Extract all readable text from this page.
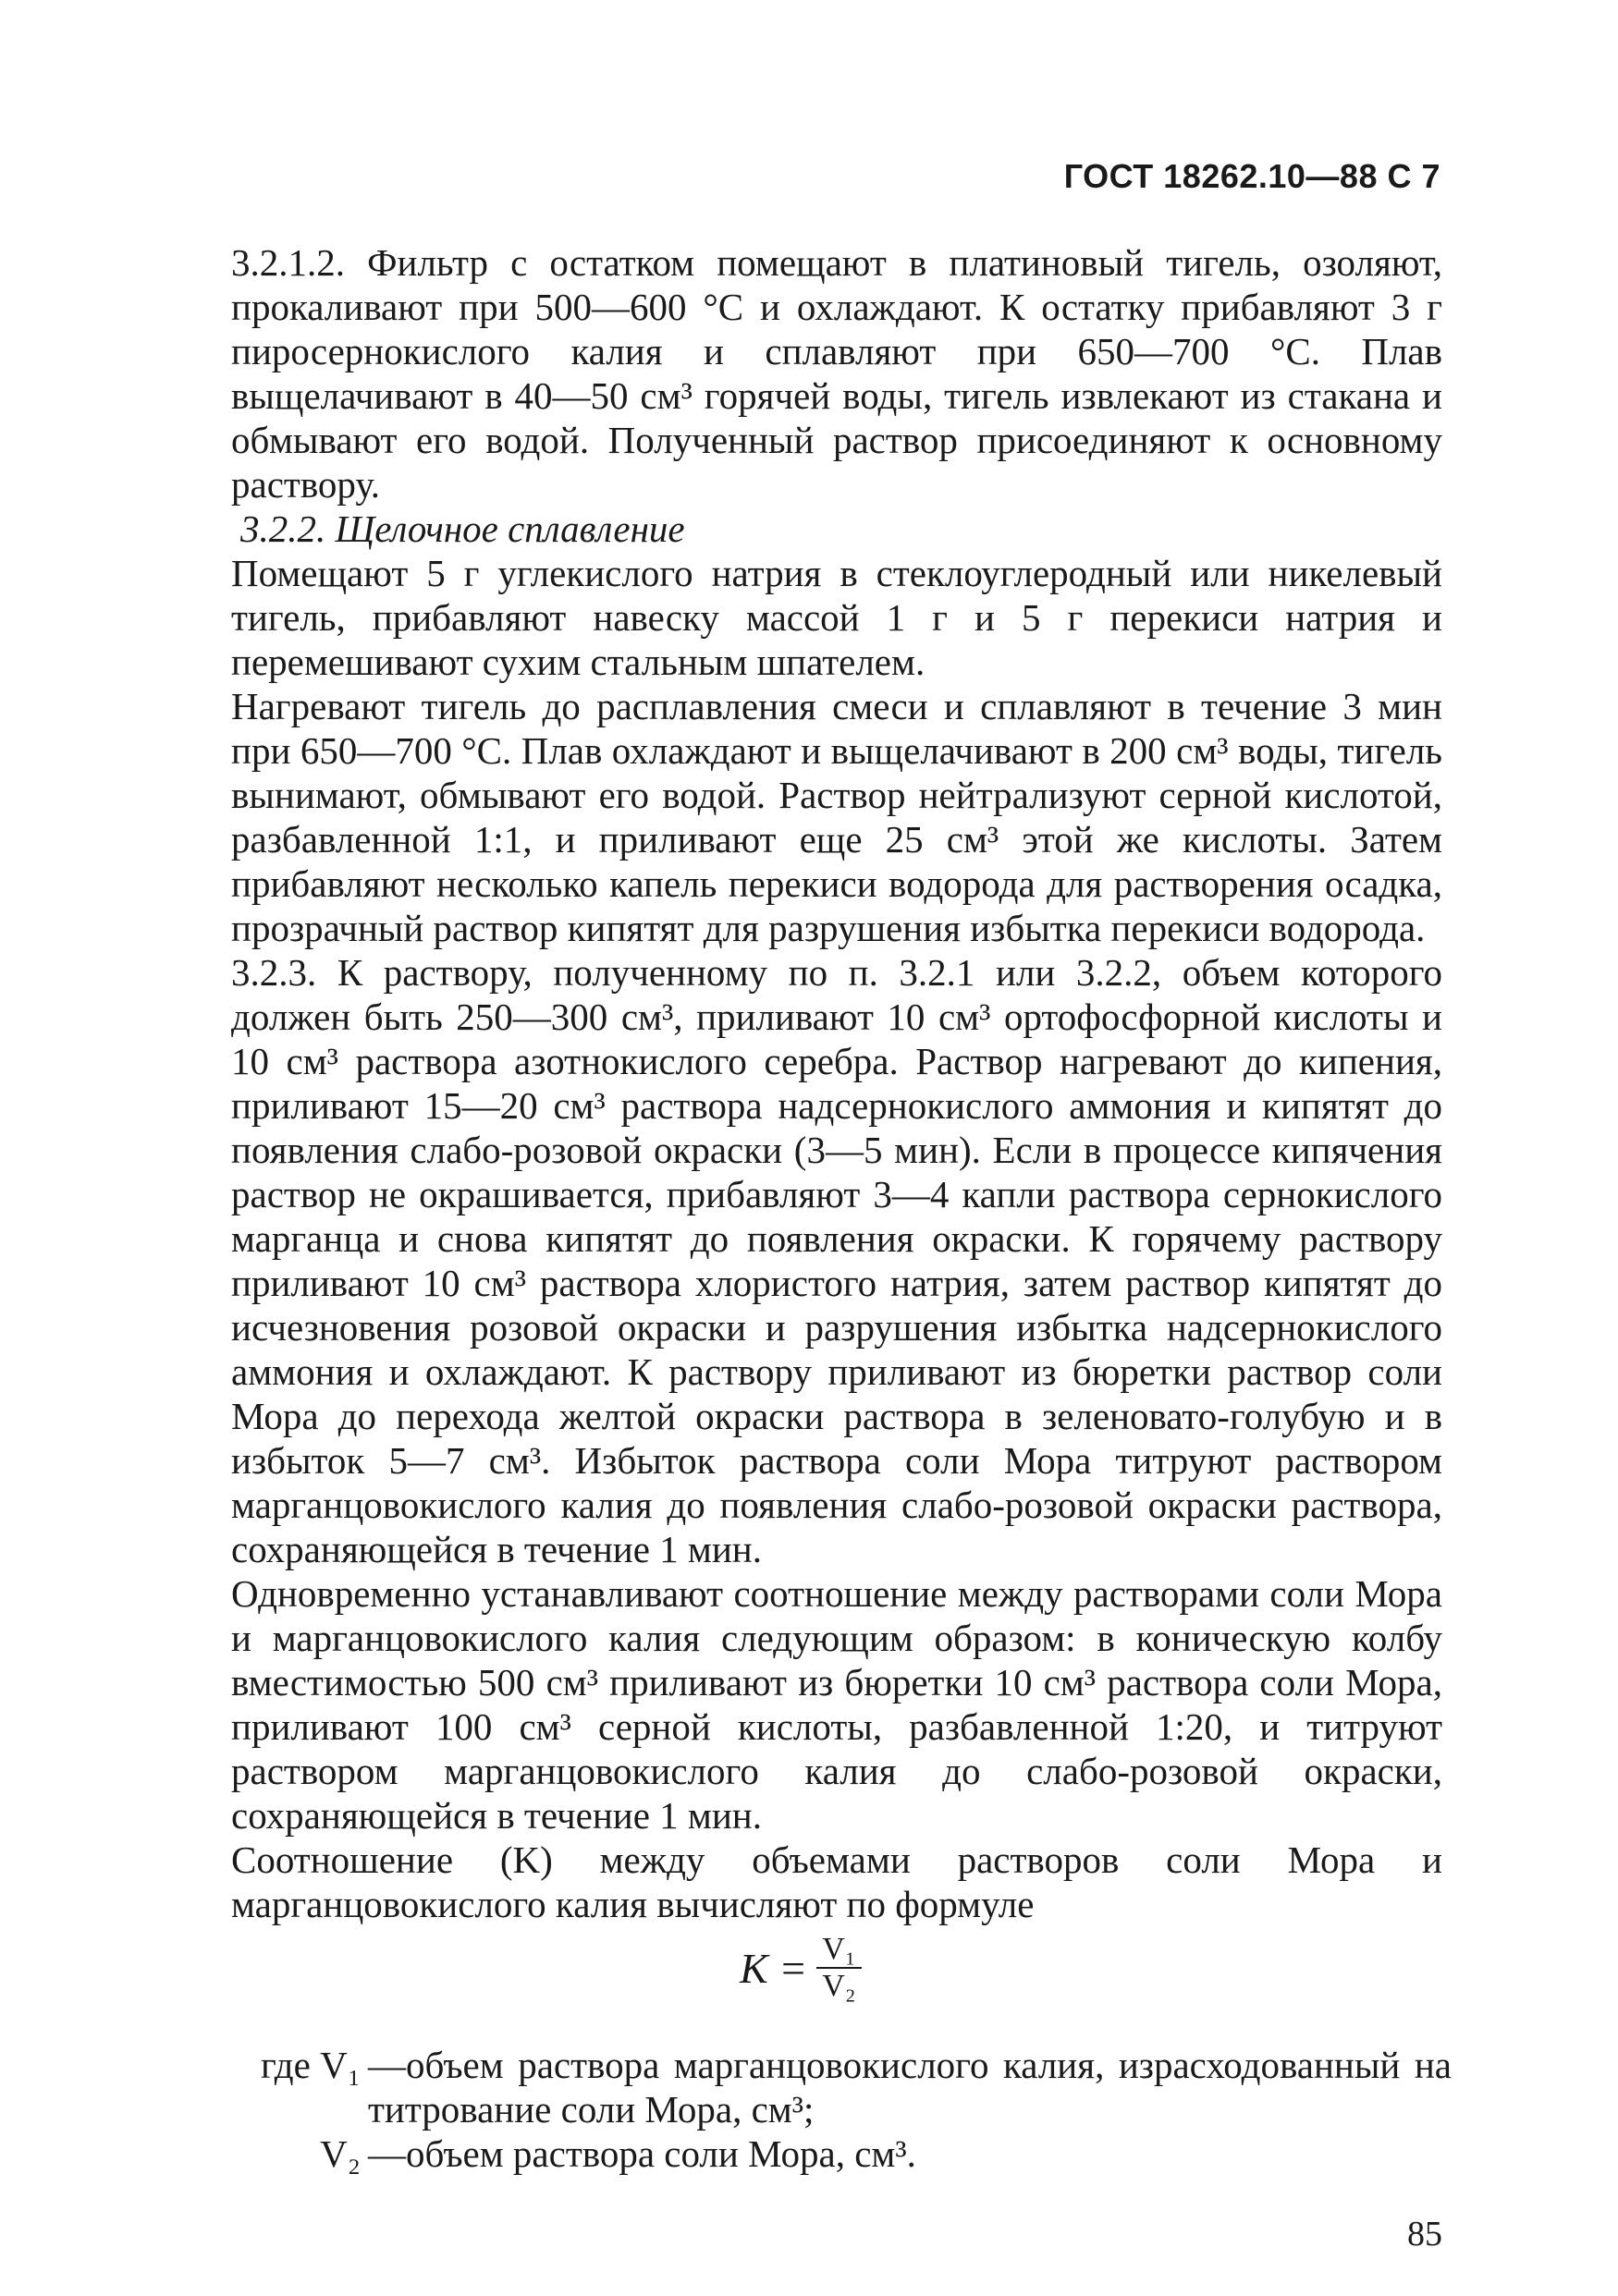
ГОСТ 18262.10—88 С 7

3.2.1.2. Фильтр с остатком помещают в платиновый тигель, озоляют, прокаливают при 500—600 °С и охлаждают. К остатку прибавляют 3 г пиросернокислого калия и сплавляют при 650—700 °С. Плав выщелачивают в 40—50 см³ горячей воды, тигель извлекают из стакана и обмывают его водой. Полученный раствор присоединяют к основному раствору.

3.2.2. Щелочное сплавление

Помещают 5 г углекислого натрия в стеклоуглеродный или никелевый тигель, прибавляют навеску массой 1 г и 5 г перекиси натрия и перемешивают сухим стальным шпателем.

Нагревают тигель до расплавления смеси и сплавляют в течение 3 мин при 650—700 °С. Плав охлаждают и выщелачивают в 200 см³ воды, тигель вынимают, обмывают его водой. Раствор нейтрализуют серной кислотой, разбавленной 1:1, и приливают еще 25 см³ этой же кислоты. Затем прибавляют несколько капель перекиси водорода для растворения осадка, прозрачный раствор кипятят для разрушения избытка перекиси водорода.

3.2.3. К раствору, полученному по п. 3.2.1 или 3.2.2, объем которого должен быть 250—300 см³, приливают 10 см³ ортофосфорной кислоты и 10 см³ раствора азотнокислого серебра. Раствор нагревают до кипения, приливают 15—20 см³ раствора надсернокислого аммония и кипятят до появления слабо-розовой окраски (3—5 мин). Если в процессе кипячения раствор не окрашивается, прибавляют 3—4 капли раствора сернокислого марганца и снова кипятят до появления окраски. К горячему раствору приливают 10 см³ раствора хлористого натрия, затем раствор кипятят до исчезновения розовой окраски и разрушения избытка надсернокислого аммония и охлаждают. К раствору приливают из бюретки раствор соли Мора до перехода желтой окраски раствора в зеленовато-голубую и в избыток 5—7 см³. Избыток раствора соли Мора титруют раствором марганцовокислого калия до появления слабо-розовой окраски раствора, сохраняющейся в течение 1 мин.

Одновременно устанавливают соотношение между растворами соли Мора и марганцовокислого калия следующим образом: в коническую колбу вместимостью 500 см³ приливают из бюретки 10 см³ раствора соли Мора, приливают 100 см³ серной кислоты, разбавленной 1:20, и титруют раствором марганцовокислого калия до слабо-розовой окраски, сохраняющейся в течение 1 мин.

Соотношение (K) между объемами растворов соли Мора и марганцовокислого калия вычисляют по формуле

$K = \frac{\text{V₁}}{\text{V₂}}$
где V₁ —объем раствора марганцовокислого калия, израсходованный на титрование соли Мора, см³;
V₂ —объем раствора соли Мора, см³.
85
